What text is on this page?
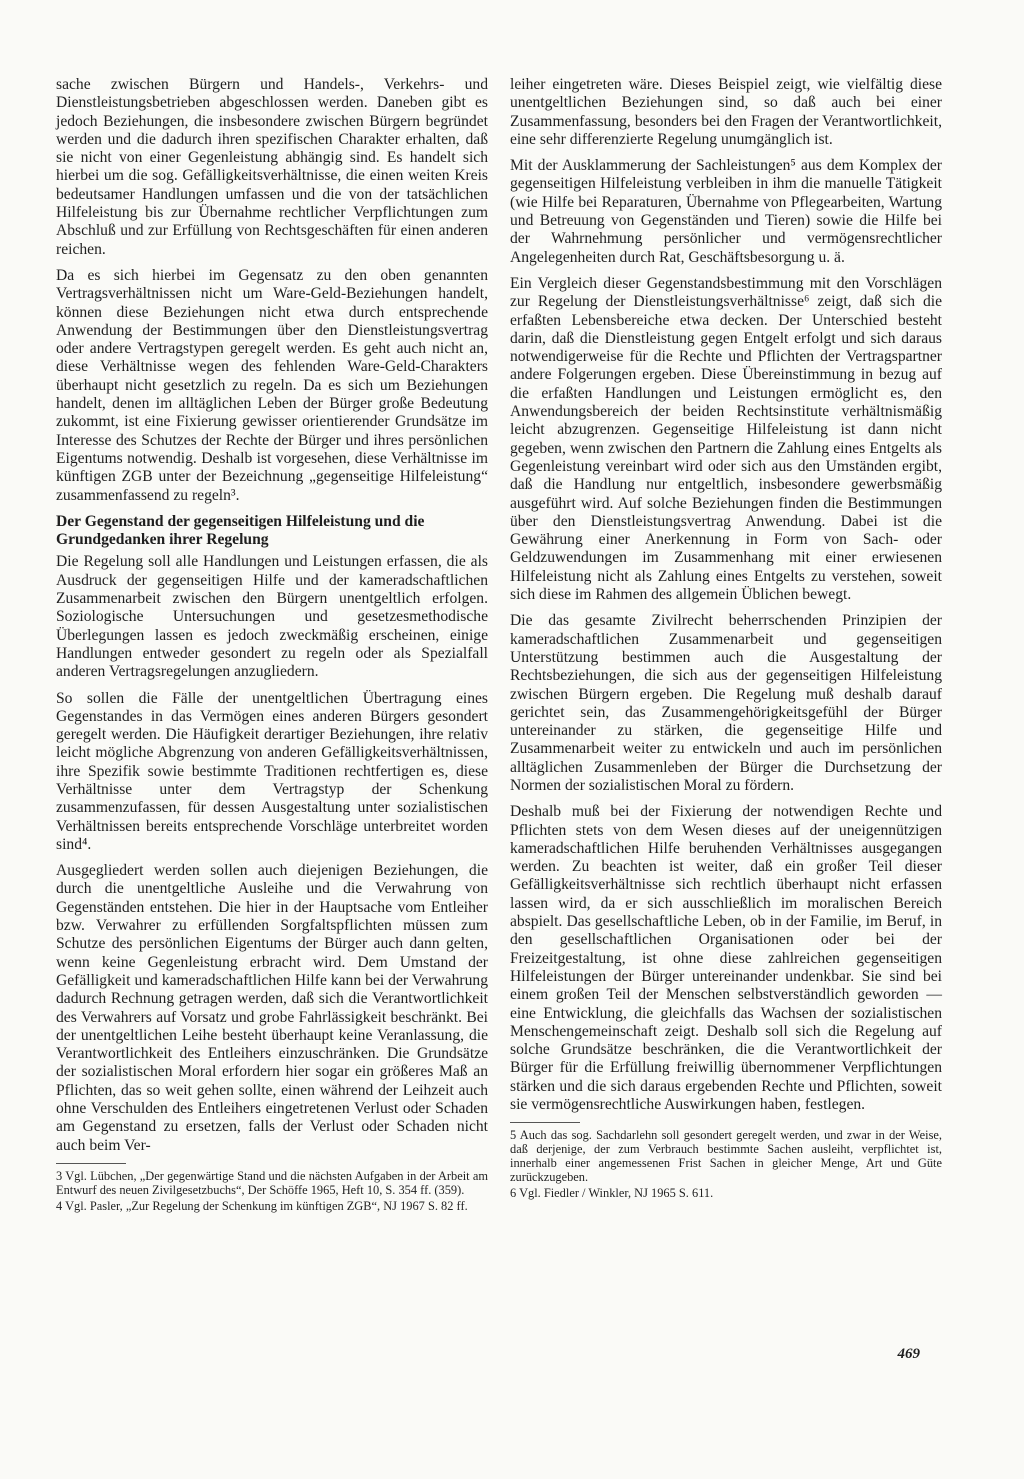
sache zwischen Bürgern und Handels-, Verkehrs- und Dienstleistungsbetrieben abgeschlossen werden. Daneben gibt es jedoch Beziehungen, die insbesondere zwischen Bürgern begründet werden und die dadurch ihren spezifischen Charakter erhalten, daß sie nicht von einer Gegenleistung abhängig sind. Es handelt sich hierbei um die sog. Gefälligkeitsverhältnisse, die einen weiten Kreis bedeutsamer Handlungen umfassen und die von der tatsächlichen Hilfeleistung bis zur Übernahme rechtlicher Verpflichtungen zum Abschluß und zur Erfüllung von Rechtsgeschäften für einen anderen reichen.

Da es sich hierbei im Gegensatz zu den oben genannten Vertragsverhältnissen nicht um Ware-Geld-Beziehungen handelt, können diese Beziehungen nicht etwa durch entsprechende Anwendung der Bestimmungen über den Dienstleistungsvertrag oder andere Vertragstypen geregelt werden. Es geht auch nicht an, diese Verhältnisse wegen des fehlenden Ware-Geld-Charakters überhaupt nicht gesetzlich zu regeln. Da es sich um Beziehungen handelt, denen im alltäglichen Leben der Bürger große Bedeutung zukommt, ist eine Fixierung gewisser orientierender Grundsätze im Interesse des Schutzes der Rechte der Bürger und ihres persönlichen Eigentums notwendig. Deshalb ist vorgesehen, diese Verhältnisse im künftigen ZGB unter der Bezeichnung „gegenseitige Hilfeleistung“ zusammenfassend zu regeln³.

Der Gegenstand der gegenseitigen Hilfeleistung und die Grundgedanken ihrer Regelung

Die Regelung soll alle Handlungen und Leistungen erfassen, die als Ausdruck der gegenseitigen Hilfe und der kameradschaftlichen Zusammenarbeit zwischen den Bürgern unentgeltlich erfolgen. Soziologische Untersuchungen und gesetzesmethodische Überlegungen lassen es jedoch zweckmäßig erscheinen, einige Handlungen entweder gesondert zu regeln oder als Spezialfall anderen Vertragsregelungen anzugliedern.

So sollen die Fälle der unentgeltlichen Übertragung eines Gegenstandes in das Vermögen eines anderen Bürgers gesondert geregelt werden. Die Häufigkeit derartiger Beziehungen, ihre relativ leicht mögliche Abgrenzung von anderen Gefälligkeitsverhältnissen, ihre Spezifik sowie bestimmte Traditionen rechtfertigen es, diese Verhältnisse unter dem Vertragstyp der Schenkung zusammenzufassen, für dessen Ausgestaltung unter sozialistischen Verhältnissen bereits entsprechende Vorschläge unterbreitet worden sind⁴.

Ausgegliedert werden sollen auch diejenigen Beziehungen, die durch die unentgeltliche Ausleihe und die Verwahrung von Gegenständen entstehen. Die hier in der Hauptsache vom Entleiher bzw. Verwahrer zu erfüllenden Sorgfaltspflichten müssen zum Schutze des persönlichen Eigentums der Bürger auch dann gelten, wenn keine Gegenleistung erbracht wird. Dem Umstand der Gefälligkeit und kameradschaftlichen Hilfe kann bei der Verwahrung dadurch Rechnung getragen werden, daß sich die Verantwortlichkeit des Verwahrers auf Vorsatz und grobe Fahrlässigkeit beschränkt. Bei der unentgeltlichen Leihe besteht überhaupt keine Veranlassung, die Verantwortlichkeit des Entleihers einzuschränken. Die Grundsätze der sozialistischen Moral erfordern hier sogar ein größeres Maß an Pflichten, das so weit gehen sollte, einen während der Leihzeit auch ohne Verschulden des Entleihers eingetretenen Verlust oder Schaden am Gegenstand zu ersetzen, falls der Verlust oder Schaden nicht auch beim Ver-

3 Vgl. Lübchen, „Der gegenwärtige Stand und die nächsten Aufgaben in der Arbeit am Entwurf des neuen Zivilgesetzbuchs“, Der Schöffe 1965, Heft 10, S. 354 ff. (359).

4 Vgl. Pasler, „Zur Regelung der Schenkung im künftigen ZGB“, NJ 1967 S. 82 ff.

leiher eingetreten wäre. Dieses Beispiel zeigt, wie vielfältig diese unentgeltlichen Beziehungen sind, so daß auch bei einer Zusammenfassung, besonders bei den Fragen der Verantwortlichkeit, eine sehr differenzierte Regelung unumgänglich ist.

Mit der Ausklammerung der Sachleistungen⁵ aus dem Komplex der gegenseitigen Hilfeleistung verbleiben in ihm die manuelle Tätigkeit (wie Hilfe bei Reparaturen, Übernahme von Pflegearbeiten, Wartung und Betreuung von Gegenständen und Tieren) sowie die Hilfe bei der Wahrnehmung persönlicher und vermögensrechtlicher Angelegenheiten durch Rat, Geschäftsbesorgung u. ä.

Ein Vergleich dieser Gegenstandsbestimmung mit den Vorschlägen zur Regelung der Dienstleistungsverhältnisse⁶ zeigt, daß sich die erfaßten Lebensbereiche etwa decken. Der Unterschied besteht darin, daß die Dienstleistung gegen Entgelt erfolgt und sich daraus notwendigerweise für die Rechte und Pflichten der Vertragspartner andere Folgerungen ergeben. Diese Übereinstimmung in bezug auf die erfaßten Handlungen und Leistungen ermöglicht es, den Anwendungsbereich der beiden Rechtsinstitute verhältnismäßig leicht abzugrenzen. Gegenseitige Hilfeleistung ist dann nicht gegeben, wenn zwischen den Partnern die Zahlung eines Entgelts als Gegenleistung vereinbart wird oder sich aus den Umständen ergibt, daß die Handlung nur entgeltlich, insbesondere gewerbsmäßig ausgeführt wird. Auf solche Beziehungen finden die Bestimmungen über den Dienstleistungsvertrag Anwendung. Dabei ist die Gewährung einer Anerkennung in Form von Sach- oder Geldzuwendungen im Zusammenhang mit einer erwiesenen Hilfeleistung nicht als Zahlung eines Entgelts zu verstehen, soweit sich diese im Rahmen des allgemein Üblichen bewegt.

Die das gesamte Zivilrecht beherrschenden Prinzipien der kameradschaftlichen Zusammenarbeit und gegenseitigen Unterstützung bestimmen auch die Ausgestaltung der Rechtsbeziehungen, die sich aus der gegenseitigen Hilfeleistung zwischen Bürgern ergeben. Die Regelung muß deshalb darauf gerichtet sein, das Zusammengehörigkeitsgefühl der Bürger untereinander zu stärken, die gegenseitige Hilfe und Zusammenarbeit weiter zu entwickeln und auch im persönlichen alltäglichen Zusammenleben der Bürger die Durchsetzung der Normen der sozialistischen Moral zu fördern.

Deshalb muß bei der Fixierung der notwendigen Rechte und Pflichten stets von dem Wesen dieses auf der uneigennützigen kameradschaftlichen Hilfe beruhenden Verhältnisses ausgegangen werden. Zu beachten ist weiter, daß ein großer Teil dieser Gefälligkeitsverhältnisse sich rechtlich überhaupt nicht erfassen lassen wird, da er sich ausschließlich im moralischen Bereich abspielt. Das gesellschaftliche Leben, ob in der Familie, im Beruf, in den gesellschaftlichen Organisationen oder bei der Freizeitgestaltung, ist ohne diese zahlreichen gegenseitigen Hilfeleistungen der Bürger untereinander undenkbar. Sie sind bei einem großen Teil der Menschen selbstverständlich geworden — eine Entwicklung, die gleichfalls das Wachsen der sozialistischen Menschengemeinschaft zeigt. Deshalb soll sich die Regelung auf solche Grundsätze beschränken, die die Verantwortlichkeit der Bürger für die Erfüllung freiwillig übernommener Verpflichtungen stärken und die sich daraus ergebenden Rechte und Pflichten, soweit sie vermögensrechtliche Auswirkungen haben, festlegen.

5 Auch das sog. Sachdarlehn soll gesondert geregelt werden, und zwar in der Weise, daß derjenige, der zum Verbrauch bestimmte Sachen ausleiht, verpflichtet ist, innerhalb einer angemessenen Frist Sachen in gleicher Menge, Art und Güte zurückzugeben.

6 Vgl. Fiedler / Winkler, NJ 1965 S. 611.

469
